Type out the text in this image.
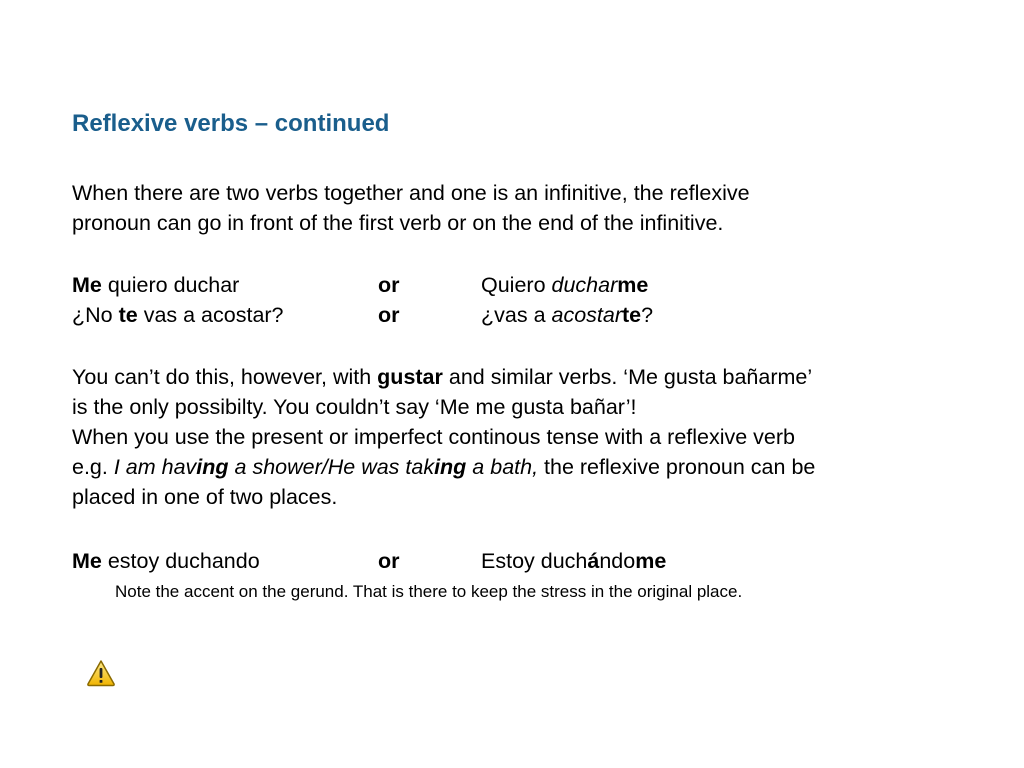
Reflexive verbs – continued
When there are two verbs together and one is an infinitive, the reflexive
pronoun can go in front of the first verb or on the end of the infinitive.
Me quiero duchar	or	Quiero ducharme
¿No te vas a acostar?	or	¿vas a acostarte?
You can’t do this, however, with gustar and similar verbs. ‘Me gusta bañarme’
is the only possibilty. You couldn’t say ‘Me me gusta bañar’!
When you use the present or imperfect continous tense with a reflexive verb
e.g. I am having a shower/He was taking a bath, the reflexive pronoun can be
placed in one of two places.
Me estoy duchando	or	Estoy duchándome
Note the accent on the gerund. That is there to keep the stress in the original place.
